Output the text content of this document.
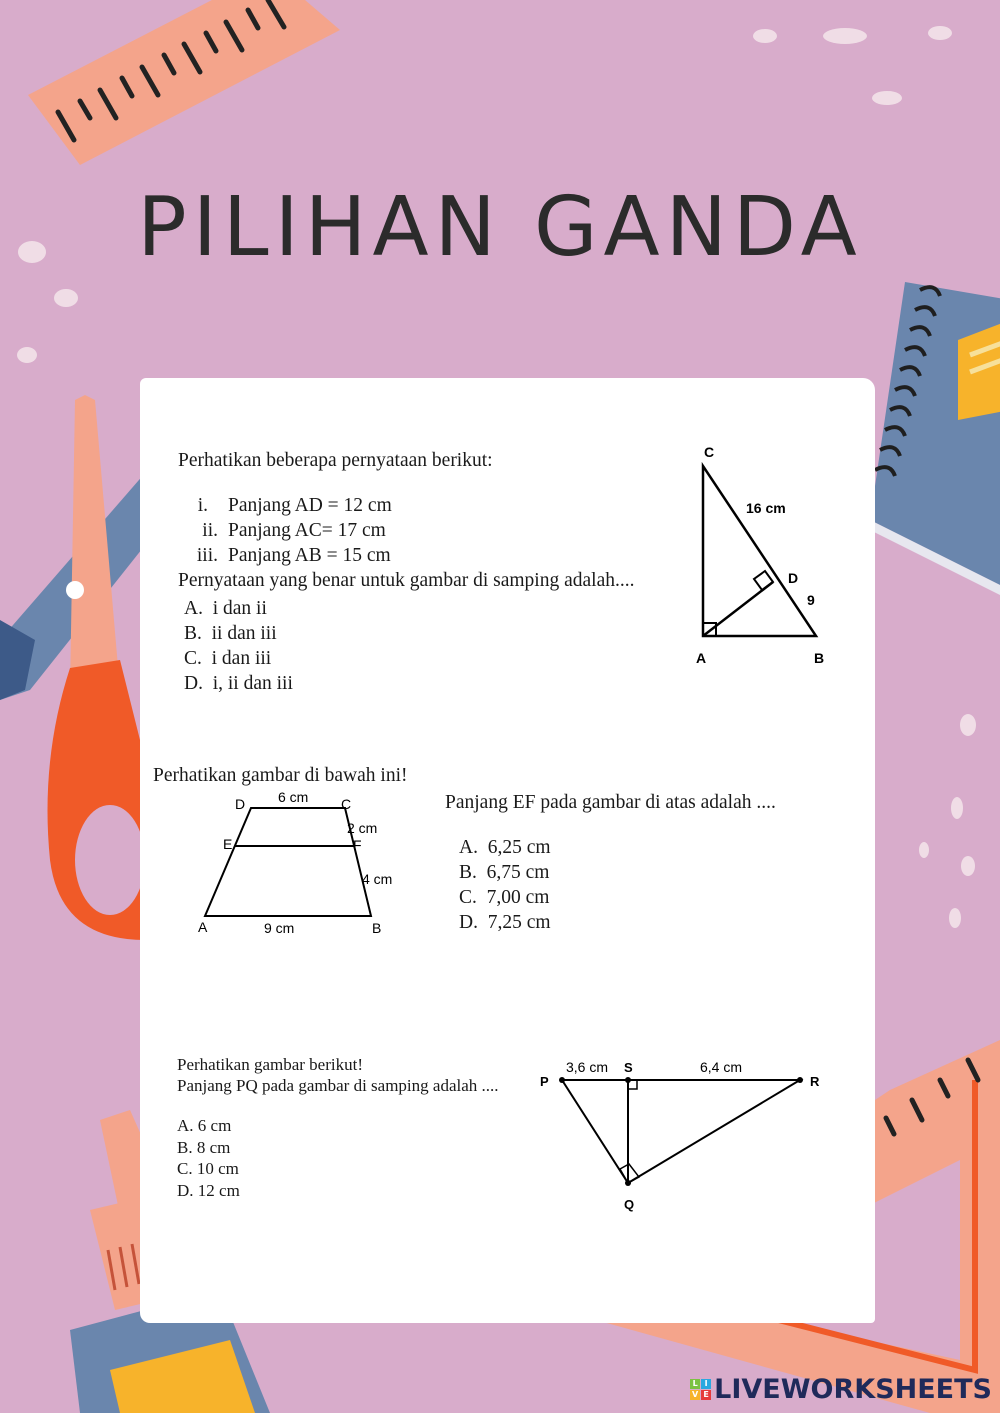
PILIHAN GANDA
Perhatikan beberapa pernyataan berikut:
i. Panjang AD = 12 cm
ii. Panjang AC= 17 cm
iii. Panjang AB = 15 cm
Pernyataan yang benar untuk gambar di samping adalah....
A. i dan ii
B. ii dan iii
C. i dan iii
D. i, ii dan iii
C
16 cm
D
9
A	B
Perhatikan gambar di bawah ini!
Panjang EF pada gambar di atas adalah ....
A. 6,25 cm
B. 6,75 cm
C. 7,00 cm
D. 7,25 cm
D 6 cm C
2 cm
E	F
4 cm
A	9 cm	B
Perhatikan gambar berikut!
Panjang PQ pada gambar di samping adalah ....
A. 6 cm
B. 8 cm
C. 10 cm
D. 12 cm
P
3,6 cm S	6,4 cm
R
Q
L I
V E LIVEWORKSHEETS
